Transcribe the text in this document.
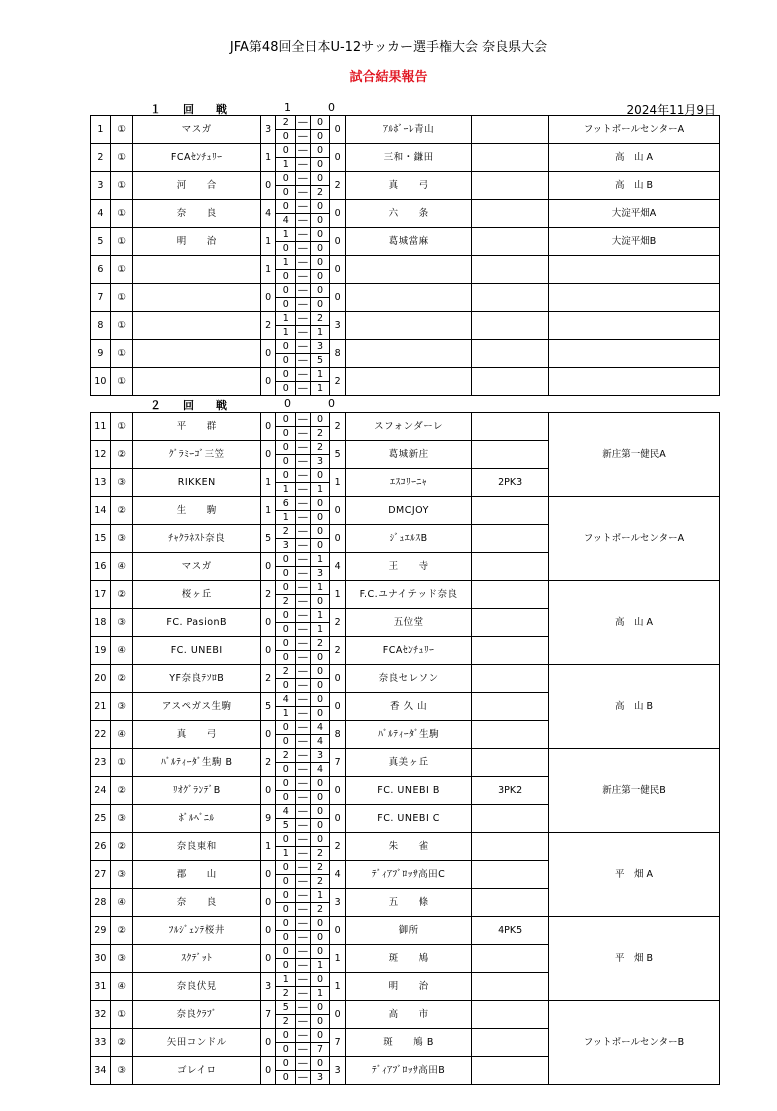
JFA第48回全日本U-12サッカー選手権大会 奈良県大会
試合結果報告
１回戦	1	0	2024年11月9日
1	①	マスガ	3	2	―	0	0	ｱﾙﾎﾞｰﾚ青山		フットボールセンターA
				0	―	0				
2	①	FCAｾﾝﾁｭﾘｰ	1	0	―	0	0	三和・鎌田		高　山 A
				1	―	0				
3	①	河　　合	0	0	―	0	2	真　　弓		高　山 B
				0	―	2				
4	①	奈　　良	4	0	―	0	0	六　　条		大淀平畑A
				4	―	0				
5	①	明　　治	1	1	―	0	0	葛城當麻		大淀平畑B
				0	―	0				
6	①		1	1	―	0	0			
				0	―	0				
7	①		0	0	―	0	0			
				0	―	0				
8	①		2	1	―	2	3			
				1	―	1				
9	①		0	0	―	3	8			
				0	―	5				
10	①		0	0	―	1	2			
				0	―	1				
２回戦	0	0
11	①	平　　群	0	0	―	0	2	スフォンダーレ		新庄第一健民A
				0	―	2				
12	②	ｸﾞﾗﾐｰｺﾞ三笠	0	0	―	2	5	葛城新庄		
				0	―	3				
13	③	RIKKEN	1	0	―	0	1	ｴｽｺﾘｰﾆｬ	2PK3	
				1	―	1				
14	②	生　　駒	1	6	―	0	0	DMCJOY		フットボールセンターA
				1	―	0				
15	③	ﾁｬｸﾗﾈｽﾄ奈良	5	2	―	0	0	ｼﾞｭｴﾙｽB		
				3	―	0				
16	④	マスガ	0	0	―	1	4	王　　寺		
				0	―	3				
17	②	桜ヶ丘	2	0	―	1	1	F.C.ユナイテッド奈良		高　山 A
				2	―	0				
18	③	FC. PasionB	0	0	―	1	2	五位堂		
				0	―	1				
19	④	FC. UNEBI	0	0	―	2	2	FCAｾﾝﾁｭﾘｰ		
				0	―	0				
20	②	YF奈良ﾃｿﾛB	2	2	―	0	0	奈良セレソン		高　山 B
				0	―	0				
21	③	アスペガス生駒	5	4	―	0	0	香 久 山		
				1	―	0				
22	④	真　　弓	0	0	―	4	8	ﾊﾞﾙﾃｨｰﾀﾞ生駒		
				0	―	4				
23	①	ﾊﾞﾙﾃｨｰﾀﾞ生駒 B	2	2	―	3	7	真美ヶ丘		新庄第一健民B
				0	―	4				
24	②	ﾘｵｸﾞﾗﾝﾃﾞB	0	0	―	0	0	FC. UNEBI B	3PK2	
				0	―	0				
25	③	ﾎﾞﾙﾍﾞﾆﾙ	9	4	―	0	0	FC. UNEBI C		
				5	―	0				
26	②	奈良東和	1	0	―	0	2	朱　　雀		平　畑 A
				1	―	2				
27	③	郡　　山	0	0	―	2	4	ﾃﾞｨｱﾌﾞﾛｯｻ高田C		
				0	―	2				
28	④	奈　　良	0	0	―	1	3	五　　條		
				0	―	2				
29	②	ﾌﾙｼﾞｪﾝﾃ桜井	0	0	―	0	0	御所	4PK5	平　畑 B
				0	―	0				
30	③	ｽｸﾃﾞｯﾄ	0	0	―	0	1	斑　　鳩		
				0	―	1				
31	④	奈良伏見	3	1	―	0	1	明　　治		
				2	―	1				
32	①	奈良ｸﾗﾌﾞ	7	5	―	0	0	高　　市		フットボールセンターB
				2	―	0				
33	②	矢田コンドル	0	0	―	0	7	斑　　鳩 B		
				0	―	7				
34	③	ゴレイロ	0	0	―	0	3	ﾃﾞｨｱﾌﾞﾛｯｻ高田B		
				0	―	3				
